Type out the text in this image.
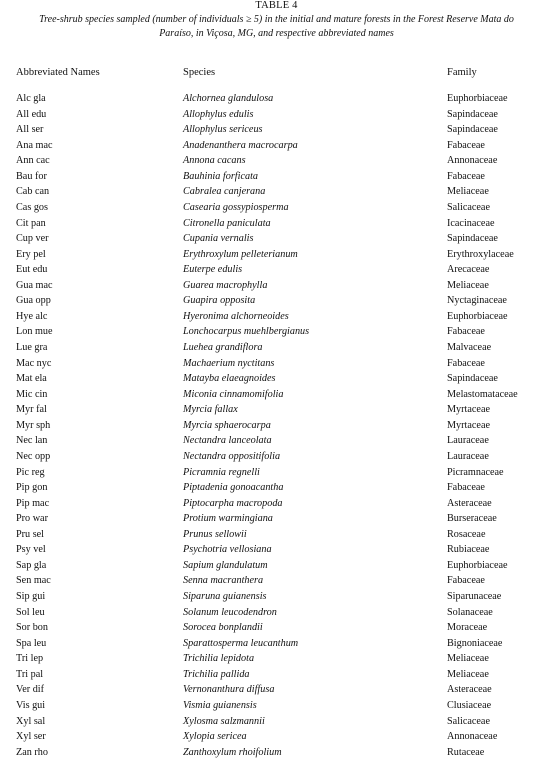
TABLE 4
Tree-shrub species sampled (number of individuals ≥ 5) in the initial and mature forests in the Forest Reserve Mata do
Paraíso, in Viçosa, MG, and respective abbreviated names
Abbreviated Names	Species	Family
Alc gla	Alchornea glandulosa	Euphorbiaceae
All edu	Allophylus edulis	Sapindaceae
All ser	Allophylus sericeus	Sapindaceae
Ana mac	Anadenanthera macrocarpa	Fabaceae
Ann cac	Annona cacans	Annonaceae
Bau for	Bauhinia forficata	Fabaceae
Cab can	Cabralea canjerana	Meliaceae
Cas gos	Casearia gossypiosperma	Salicaceae
Cit pan	Citronella paniculata	Icacinaceae
Cup ver	Cupania vernalis	Sapindaceae
Ery pel	Erythroxylum pelleterianum	Erythroxylaceae
Eut edu	Euterpe edulis	Arecaceae
Gua mac	Guarea macrophylla	Meliaceae
Gua opp	Guapira opposita	Nyctaginaceae
Hye alc	Hyeronima alchorneoides	Euphorbiaceae
Lon mue	Lonchocarpus muehlbergianus	Fabaceae
Lue gra	Luehea grandiflora	Malvaceae
Mac nyc	Machaerium nyctitans	Fabaceae
Mat ela	Matayba elaeagnoides	Sapindaceae
Mic cin	Miconia cinnamomifolia	Melastomataceae
Myr fal	Myrcia fallax	Myrtaceae
Myr sph	Myrcia sphaerocarpa	Myrtaceae
Nec lan	Nectandra lanceolata	Lauraceae
Nec opp	Nectandra oppositifolia	Lauraceae
Pic reg	Picramnia regnelli	Picramnaceae
Pip gon	Piptadenia gonoacantha	Fabaceae
Pip mac	Piptocarpha macropoda	Asteraceae
Pro war	Protium warmingiana	Burseraceae
Pru sel	Prunus sellowii	Rosaceae
Psy vel	Psychotria vellosiana	Rubiaceae
Sap gla	Sapium glandulatum	Euphorbiaceae
Sen mac	Senna macranthera	Fabaceae
Sip gui	Siparuna guianensis	Siparunaceae
Sol leu	Solanum leucodendron	Solanaceae
Sor bon	Sorocea bonplandii	Moraceae
Spa leu	Sparattosperma leucanthum	Bignoniaceae
Tri lep	Trichilia lepidota	Meliaceae
Tri pal	Trichilia pallida	Meliaceae
Ver dif	Vernonanthura diffusa	Asteraceae
Vis gui	Vismia guianensis	Clusiaceae
Xyl sal	Xylosma salzmannii	Salicaceae
Xyl ser	Xylopia sericea	Annonaceae
Zan rho	Zanthoxylum rhoifolium	Rutaceae
